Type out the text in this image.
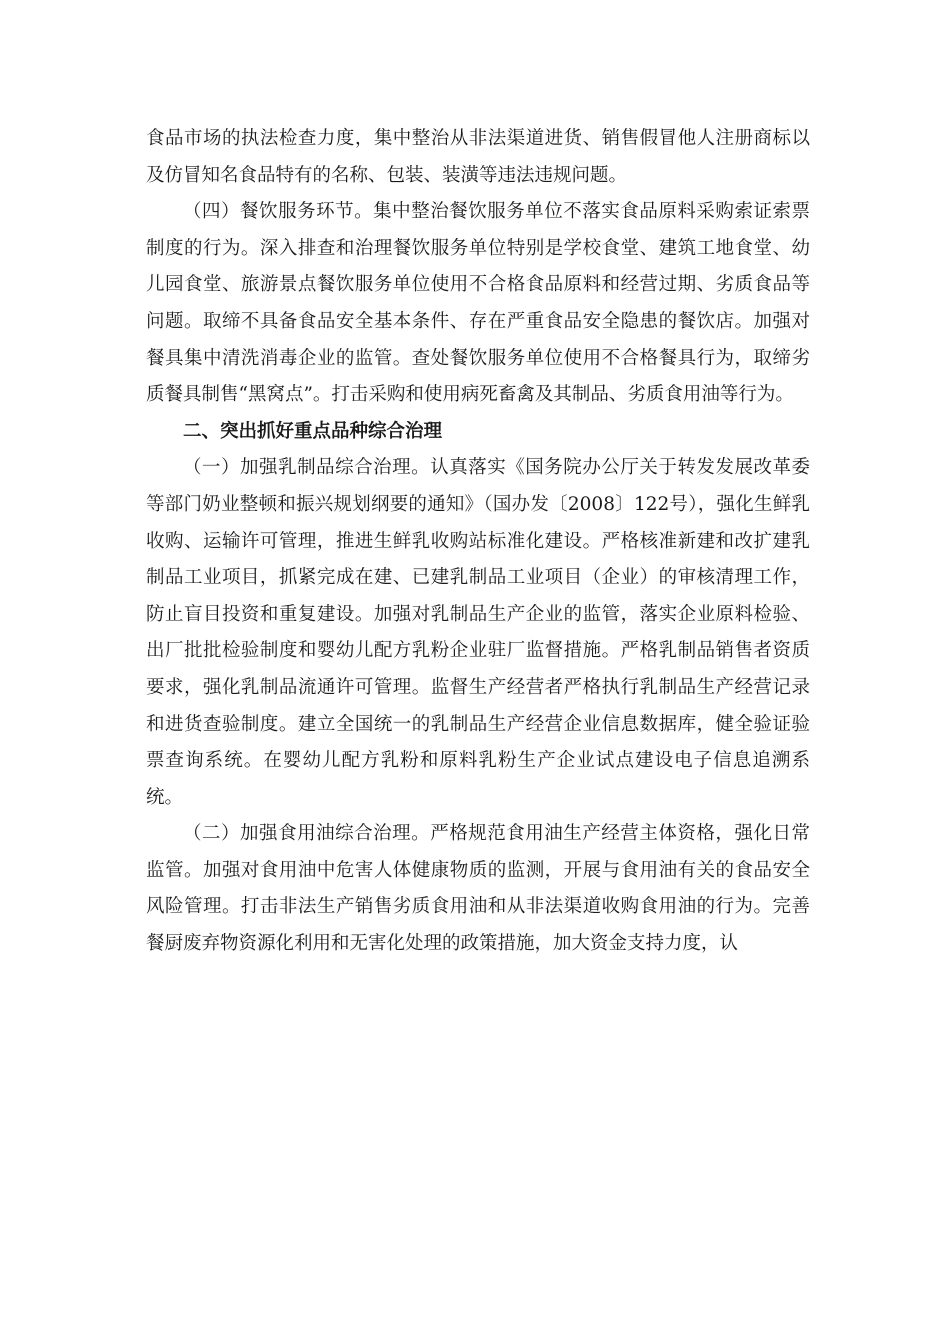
食品市场的执法检查力度，集中整治从非法渠道进货、销售假冒他人注册商标以及仿冒知名食品特有的名称、包装、装潢等违法违规问题。

（四）餐饮服务环节。集中整治餐饮服务单位不落实食品原料采购索证索票制度的行为。深入排查和治理餐饮服务单位特别是学校食堂、建筑工地食堂、幼儿园食堂、旅游景点餐饮服务单位使用不合格食品原料和经营过期、劣质食品等问题。取缔不具备食品安全基本条件、存在严重食品安全隐患的餐饮店。加强对餐具集中清洗消毒企业的监管。查处餐饮服务单位使用不合格餐具行为，取缔劣质餐具制售“黑窝点”。打击采购和使用病死畜禽及其制品、劣质食用油等行为。

二、突出抓好重点品种综合治理

（一）加强乳制品综合治理。认真落实《国务院办公厅关于转发发展改革委等部门奶业整顿和振兴规划纲要的通知》（国办发〔2008〕122号），强化生鲜乳收购、运输许可管理，推进生鲜乳收购站标准化建设。严格核准新建和改扩建乳制品工业项目，抓紧完成在建、已建乳制品工业项目（企业）的审核清理工作，防止盲目投资和重复建设。加强对乳制品生产企业的监管，落实企业原料检验、出厂批批检验制度和婴幼儿配方乳粉企业驻厂监督措施。严格乳制品销售者资质要求，强化乳制品流通许可管理。监督生产经营者严格执行乳制品生产经营记录和进货查验制度。建立全国统一的乳制品生产经营企业信息数据库，健全验证验票查询系统。在婴幼儿配方乳粉和原料乳粉生产企业试点建设电子信息追溯系统。

（二）加强食用油综合治理。严格规范食用油生产经营主体资格，强化日常监管。加强对食用油中危害人体健康物质的监测，开展与食用油有关的食品安全风险管理。打击非法生产销售劣质食用油和从非法渠道收购食用油的行为。完善餐厨废弃物资源化利用和无害化处理的政策措施，加大资金支持力度，认
